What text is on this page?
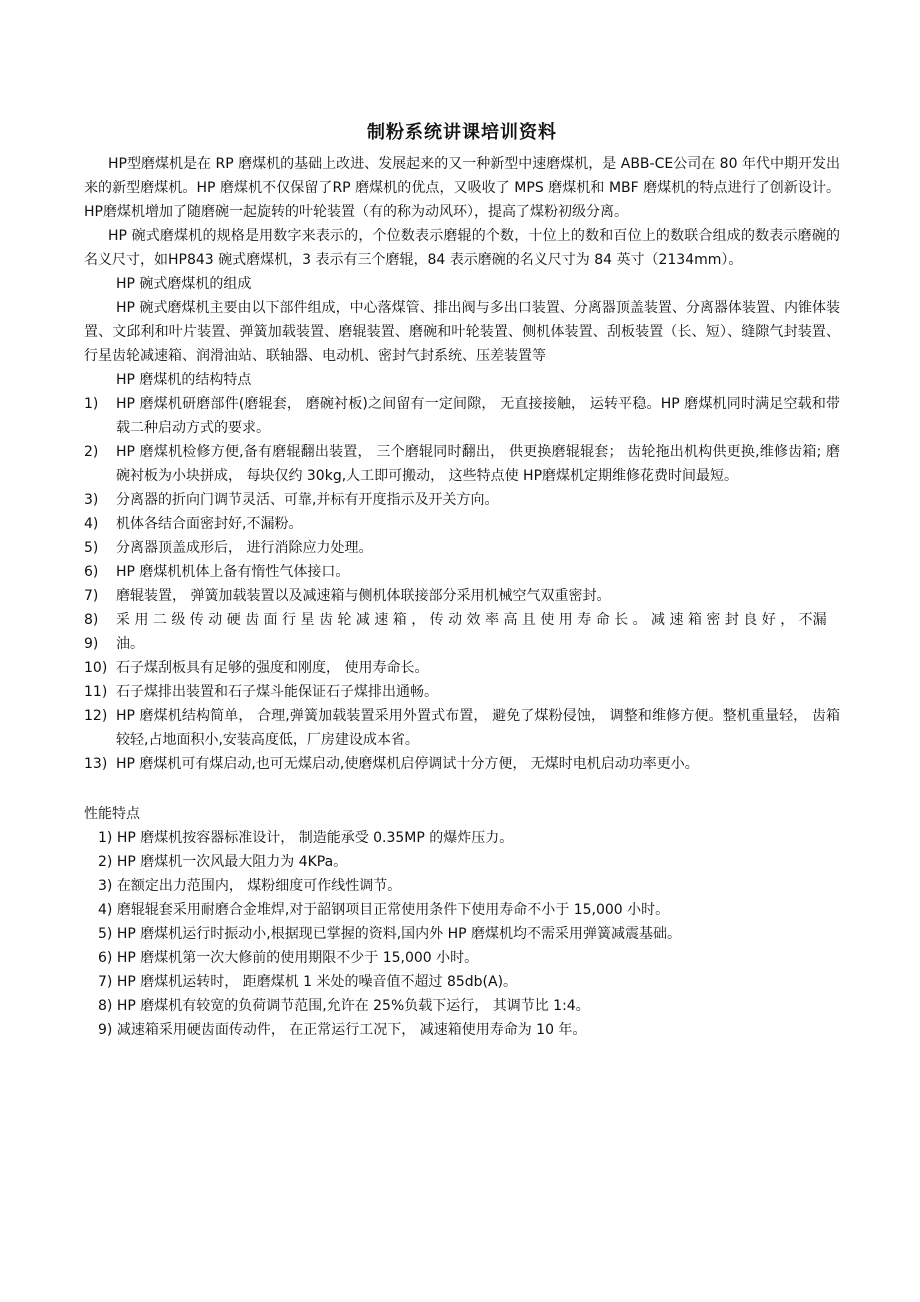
制粉系统讲课培训资料

HP型磨煤机是在 RP 磨煤机的基础上改进、发展起来的又一种新型中速磨煤机，是 ABB-CE公司在 80 年代中期开发出来的新型磨煤机。HP 磨煤机不仅保留了RP 磨煤机的优点，又吸收了 MPS 磨煤机和 MBF 磨煤机的特点进行了创新设计。 HP磨煤机增加了随磨碗一起旋转的叶轮装置（有的称为动风环），提高了煤粉初级分离。

HP 碗式磨煤机的规格是用数字来表示的，个位数表示磨辊的个数，十位上的数和百位上的数联合组成的数表示磨碗的名义尺寸，如HP843 碗式磨煤机，3 表示有三个磨辊，84 表示磨碗的名义尺寸为 84 英寸（2134mm）。

HP 碗式磨煤机的组成

HP 碗式磨煤机主要由以下部件组成，中心落煤管、排出阀与多出口装置、分离器顶盖装置、分离器体装置、内锥体装置、文邱利和叶片装置、弹簧加载装置、磨辊装置、磨碗和叶轮装置、侧机体装置、刮板装置（长、短）、缝隙气封装置、行星齿轮减速箱、润滑油站、联轴器、电动机、密封气封系统、压差装置等

HP 磨煤机的结构特点

1) HP 磨煤机研磨部件(磨辊套， 磨碗衬板)之间留有一定间隙， 无直接接触， 运转平稳。HP 磨煤机同时满足空载和带载二种启动方式的要求。
2) HP 磨煤机检修方便,备有磨辊翻出装置， 三个磨辊同时翻出， 供更换磨辊辊套； 齿轮拖出机构供更换,维修齿箱; 磨碗衬板为小块拼成， 每块仅约 30kg,人工即可搬动， 这些特点使 HP磨煤机定期维修花费时间最短。
3) 分离器的折向门调节灵活、可靠,并标有开度指示及开关方向。
4) 机体各结合面密封好,不漏粉。
5) 分离器顶盖成形后， 进行消除应力处理。
6) HP 磨煤机机体上备有惰性气体接口。
7) 磨辊装置， 弹簧加载装置以及减速箱与侧机体联接部分采用机械空气双重密封。
8) 采 用 二 级 传 动 硬 齿 面 行 星 齿 轮 减 速 箱 ， 传 动 效 率 高 且 使 用 寿 命 长 。 减 速 箱 密 封 良 好 ， 不漏
9) 油。
10) 石子煤刮板具有足够的强度和刚度， 使用寿命长。
11) 石子煤排出装置和石子煤斗能保证石子煤排出通畅。
12) HP 磨煤机结构简单， 合理,弹簧加载装置采用外置式布置， 避免了煤粉侵蚀， 调整和维修方便。整机重量轻， 齿箱较轻,占地面积小,安装高度低，厂房建设成本省。
13) HP 磨煤机可有煤启动,也可无煤启动,使磨煤机启停调试十分方便， 无煤时电机启动功率更小。

性能特点

1) HP 磨煤机按容器标准设计， 制造能承受 0.35MP 的爆炸压力。

2) HP 磨煤机一次风最大阻力为 4KPa。

3) 在额定出力范围内， 煤粉细度可作线性调节。

4) 磨辊辊套采用耐磨合金堆焊,对于韶钢项目正常使用条件下使用寿命不小于 15,000 小时。

5) HP 磨煤机运行时振动小,根据现已掌握的资料,国内外 HP 磨煤机均不需采用弹簧减震基础。

6) HP 磨煤机第一次大修前的使用期限不少于 15,000 小时。

7) HP 磨煤机运转时， 距磨煤机 1 米处的噪音值不超过 85db(A)。

8) HP 磨煤机有较宽的负荷调节范围,允许在 25%负载下运行， 其调节比 1:4。

9) 减速箱采用硬齿面传动件， 在正常运行工况下， 减速箱使用寿命为 10 年。
